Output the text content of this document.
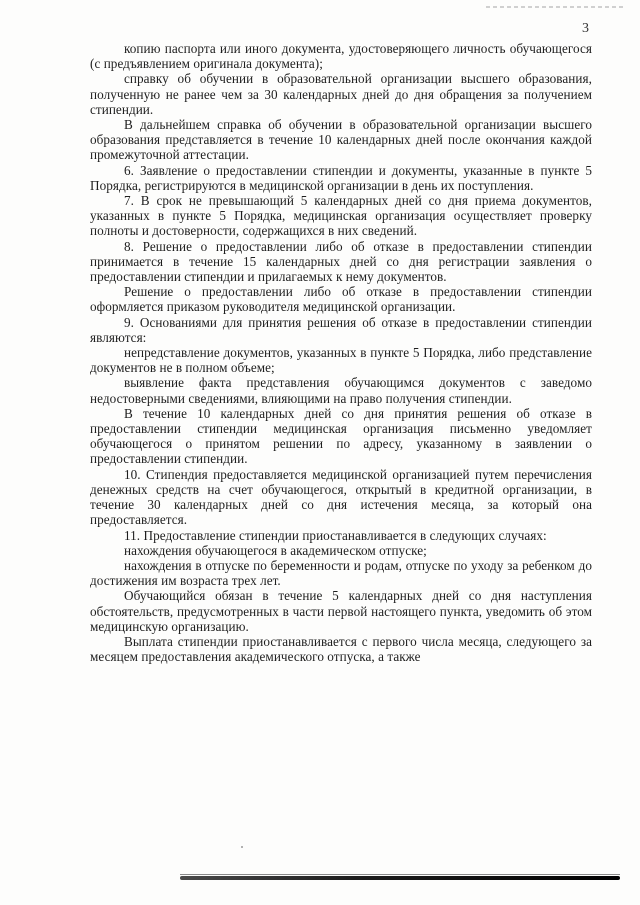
3

копию паспорта или иного документа, удостоверяющего личность обучающегося (с предъявлением оригинала документа);

справку об обучении в образовательной организации высшего образования, полученную не ранее чем за 30 календарных дней до дня обращения за получением стипендии.

В дальнейшем справка об обучении в образовательной организации высшего образования представляется в течение 10 календарных дней после окончания каждой промежуточной аттестации.

6. Заявление о предоставлении стипендии и документы, указанные в пункте 5 Порядка, регистрируются в медицинской организации в день их поступления.

7. В срок не превышающий 5 календарных дней со дня приема документов, указанных в пункте 5 Порядка, медицинская организация осуществляет проверку полноты и достоверности, содержащихся в них сведений.

8. Решение о предоставлении либо об отказе в предоставлении стипендии принимается в течение 15 календарных дней со дня регистрации заявления о предоставлении стипендии и прилагаемых к нему документов.

Решение о предоставлении либо об отказе в предоставлении стипендии оформляется приказом руководителя медицинской организации.

9. Основаниями для принятия решения об отказе в предоставлении стипендии являются:

непредставление документов, указанных в пункте 5 Порядка, либо представление документов не в полном объеме;

выявление факта представления обучающимся документов с заведомо недостоверными сведениями, влияющими на право получения стипендии.

В течение 10 календарных дней со дня принятия решения об отказе в предоставлении стипендии медицинская организация письменно уведомляет обучающегося о принятом решении по адресу, указанному в заявлении о предоставлении стипендии.

10. Стипендия предоставляется медицинской организацией путем перечисления денежных средств на счет обучающегося, открытый в кредитной организации, в течение 30 календарных дней со дня истечения месяца, за который она предоставляется.

11. Предоставление стипендии приостанавливается в следующих случаях:

нахождения обучающегося в академическом отпуске;

нахождения в отпуске по беременности и родам, отпуске по уходу за ребенком до достижения им возраста трех лет.

Обучающийся обязан в течение 5 календарных дней со дня наступления обстоятельств, предусмотренных в части первой настоящего пункта, уведомить об этом медицинскую организацию.

Выплата стипендии приостанавливается с первого числа месяца, следующего за месяцем предоставления академического отпуска, а также
